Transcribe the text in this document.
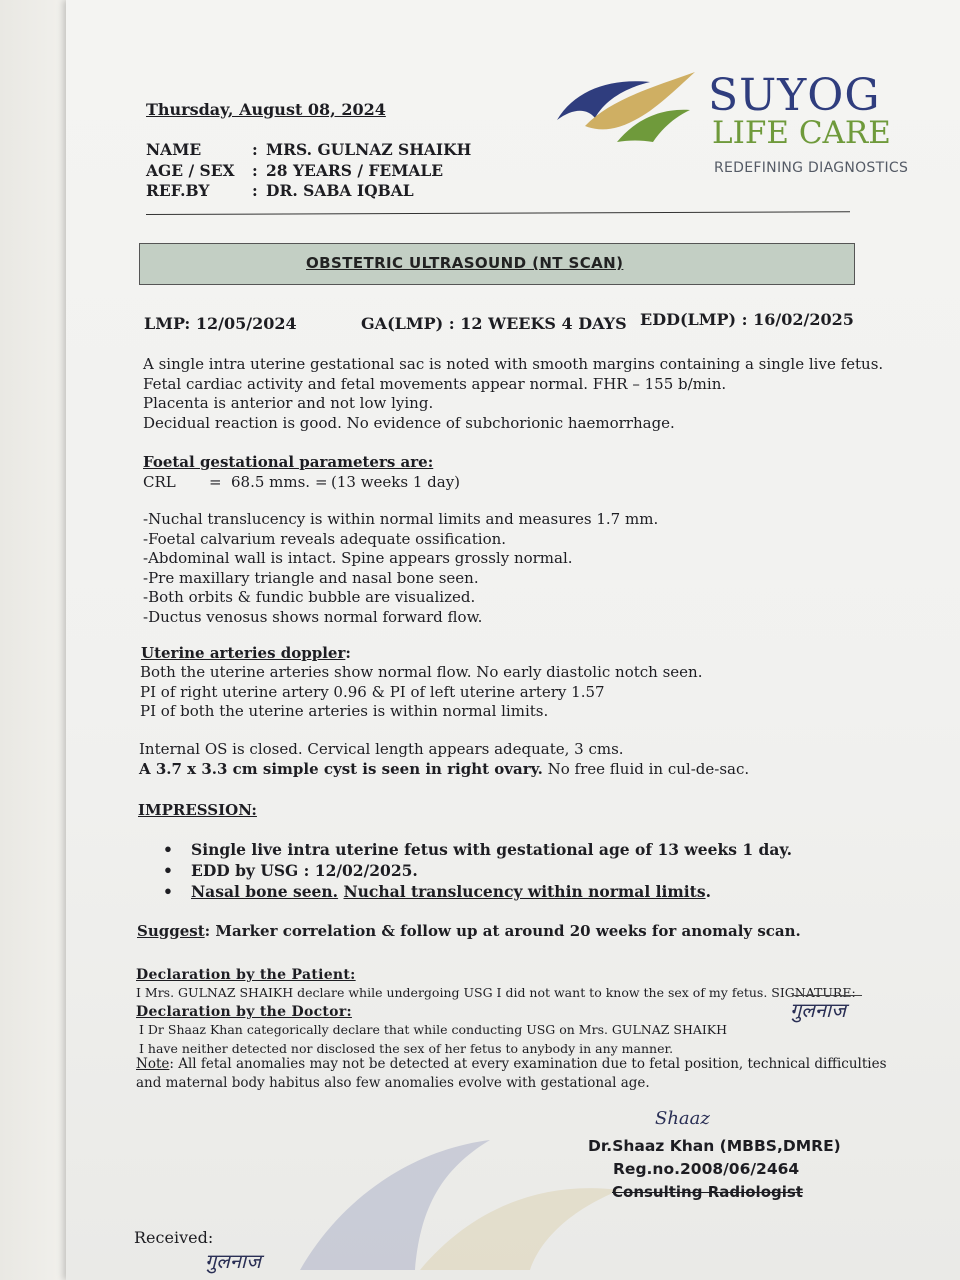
Thursday, August 08, 2024
NAME	: MRS. GULNAZ SHAIKH
AGE / SEX	: 28 YEARS / FEMALE
REF.BY	: DR. SABA IQBAL
SUYOG
LIFE CARE
REDEFINING DIAGNOSTICS
OBSTETRIC ULTRASOUND (NT SCAN)
LMP: 12/05/2024	GA(LMP) : 12 WEEKS 4 DAYS EDD(LMP) : 16/02/2025
A single intra uterine gestational sac is noted with smooth margins containing a single live fetus.
Fetal cardiac activity and fetal movements appear normal. FHR – 155 b/min.
Placenta is anterior and not low lying.
Decidual reaction is good. No evidence of subchorionic haemorrhage.
Foetal gestational parameters are:
CRL = 68.5 mms. = (13 weeks 1 day)
-Nuchal translucency is within normal limits and measures 1.7 mm.
-Foetal calvarium reveals adequate ossification.
-Abdominal wall is intact. Spine appears grossly normal.
-Pre maxillary triangle and nasal bone seen.
-Both orbits & fundic bubble are visualized.
-Ductus venosus shows normal forward flow.
Uterine arteries doppler:
Both the uterine arteries show normal flow. No early diastolic notch seen.
PI of right uterine artery 0.96 & PI of left uterine artery 1.57
PI of both the uterine arteries is within normal limits.
Internal OS is closed. Cervical length appears adequate, 3 cms.
A 3.7 x 3.3 cm simple cyst is seen in right ovary. No free fluid in cul-de-sac.
IMPRESSION:
•	Single live intra uterine fetus with gestational age of 13 weeks 1 day.
•	EDD by USG : 12/02/2025.
•	Nasal bone seen.
Nuchal translucency within normal limits .
Suggest: Marker correlation & follow up at around 20 weeks for anomaly scan.
Declaration by the Patient:
I Mrs. GULNAZ SHAIKH declare while undergoing USG I did not want to know the sex of my fetus. SIGNATURE:
गुलनाज
Declaration by the Doctor:
I Dr Shaaz Khan categorically declare that while conducting USG on Mrs. GULNAZ SHAIKH
I have neither detected nor disclosed the sex of her fetus to anybody in any manner.
Note: All fetal anomalies may not be detected at every examination due to fetal position, technical difficulties
and maternal body habitus also few anomalies evolve with gestational age.
Shaaz
Dr.Shaaz Khan (MBBS,DMRE)
Reg.no.2008/06/2464
Consulting Radiologist
Received:
गुलनाज
